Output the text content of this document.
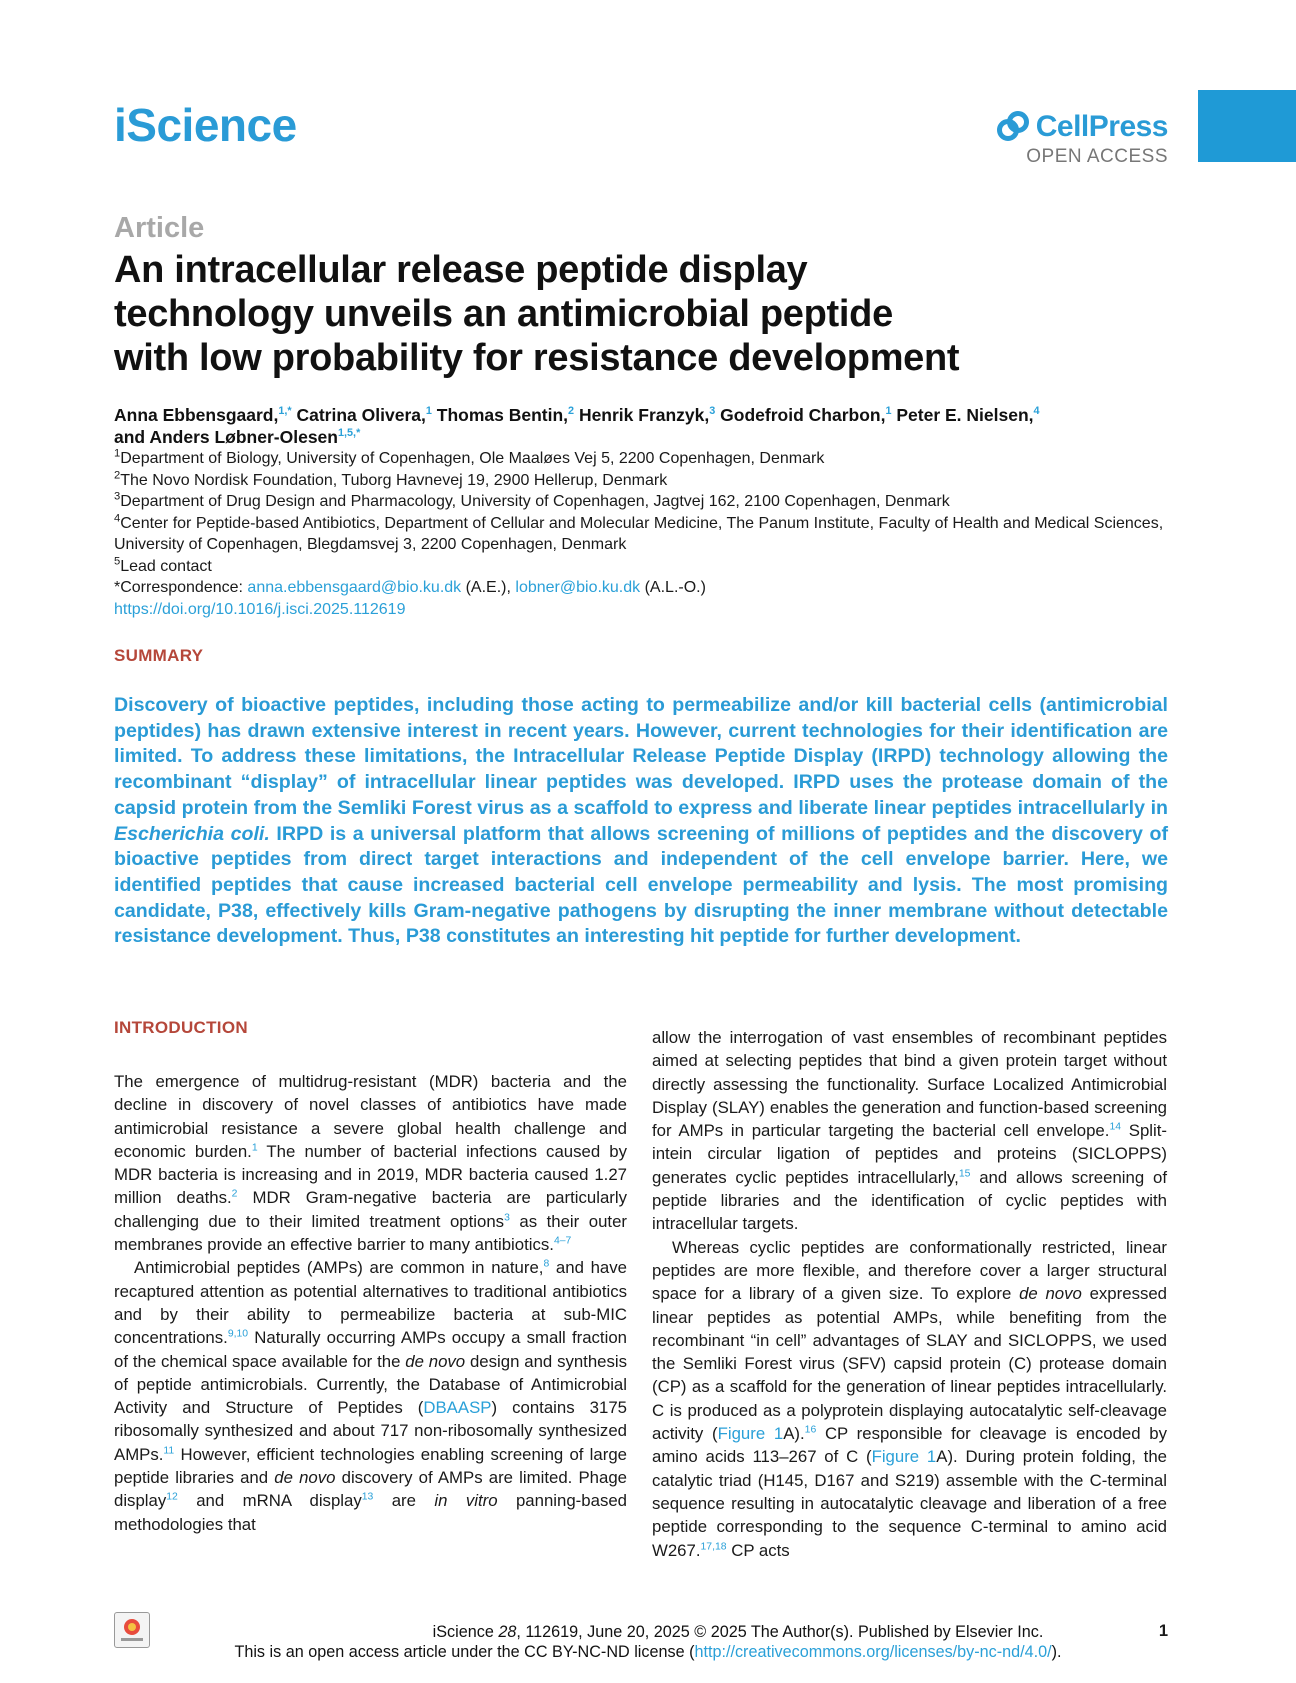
iScience	CellPress
OPEN ACCESS
Article
An intracellular release peptide display
technology unveils an antimicrobial peptide
with low probability for resistance development
Anna Ebbensgaard,$^{1,*}$ Catrina Olivera,$^1$ Thomas Bentin,$^2$ Henrik Franzyk,$^3$ Godefroid Charbon,$^1$ Peter E. Nielsen,$^4$
and Anders Løbner-Olesen$^{1,5,*}$
$^1$Department of Biology, University of Copenhagen, Ole Maaløes Vej 5, 2200 Copenhagen, Denmark
$^2$The Novo Nordisk Foundation, Tuborg Havnevej 19, 2900 Hellerup, Denmark
$^3$Department of Drug Design and Pharmacology, University of Copenhagen, Jagtvej 162, 2100 Copenhagen, Denmark
$^4$Center for Peptide-based Antibiotics, Department of Cellular and Molecular Medicine, The Panum Institute, Faculty of Health and Medical Sciences, University of Copenhagen, Blegdamsvej 3, 2200 Copenhagen, Denmark
$^5$Lead contact
*Correspondence: anna.ebbensgaard@bio.ku.dk (A.E.), lobner@bio.ku.dk (A.L.-O.)
https://doi.org/10.1016/j.isci.2025.112619
SUMMARY
Discovery of bioactive peptides, including those acting to permeabilize and/or kill bacterial cells (antimicrobial peptides) has drawn extensive interest in recent years. However, current technologies for their identification are limited. To address these limitations, the Intracellular Release Peptide Display (IRPD) technology allowing the recombinant “display” of intracellular linear peptides was developed. IRPD uses the protease domain of the capsid protein from the Semliki Forest virus as a scaffold to express and liberate linear peptides intracellularly in Escherichia coli. IRPD is a universal platform that allows screening of millions of peptides and the discovery of bioactive peptides from direct target interactions and independent of the cell envelope barrier. Here, we identified peptides that cause increased bacterial cell envelope permeability and lysis. The most promising candidate, P38, effectively kills Gram-negative pathogens by disrupting the inner membrane without detectable resistance development. Thus, P38 constitutes an interesting hit peptide for further development.
INTRODUCTION

The emergence of multidrug-resistant (MDR) bacteria and the decline in discovery of novel classes of antibiotics have made antimicrobial resistance a severe global health challenge and economic burden.$^1$ The number of bacterial infections caused by MDR bacteria is increasing and in 2019, MDR bacteria caused 1.27 million deaths.$^2$ MDR Gram-negative bacteria are particularly challenging due to their limited treatment options$^3$ as their outer membranes provide an effective barrier to many antibiotics.$^{4-7}$

Antimicrobial peptides (AMPs) are common in nature,$^8$ and have recaptured attention as potential alternatives to traditional antibiotics and by their ability to permeabilize bacteria at sub-MIC concentrations.$^{9,10}$ Naturally occurring AMPs occupy a small fraction of the chemical space available for the de novo design and synthesis of peptide antimicrobials. Currently, the Database of Antimicrobial Activity and Structure of Peptides (DBAASP) contains 3175 ribosomally synthesized and about 717 non-ribosomally synthesized AMPs.$^{11}$ However, efficient technologies enabling screening of large peptide libraries and de novo discovery of AMPs are limited. Phage display$^{12}$ and mRNA display$^{13}$ are in vitro panning-based methodologies that

allow the interrogation of vast ensembles of recombinant peptides aimed at selecting peptides that bind a given protein target without directly assessing the functionality. Surface Localized Antimicrobial Display (SLAY) enables the generation and function-based screening for AMPs in particular targeting the bacterial cell envelope.$^{14}$ Split-intein circular ligation of peptides and proteins (SICLOPPS) generates cyclic peptides intracellularly,$^{15}$ and allows screening of peptide libraries and the identification of cyclic peptides with intracellular targets.

Whereas cyclic peptides are conformationally restricted, linear peptides are more flexible, and therefore cover a larger structural space for a library of a given size. To explore de novo expressed linear peptides as potential AMPs, while benefiting from the recombinant “in cell” advantages of SLAY and SICLOPPS, we used the Semliki Forest virus (SFV) capsid protein (C) protease domain (CP) as a scaffold for the generation of linear peptides intracellularly. C is produced as a polyprotein displaying autocatalytic self-cleavage activity (Figure 1A).$^{16}$ CP responsible for cleavage is encoded by amino acids 113–267 of C (Figure 1A). During protein folding, the catalytic triad (H145, D167 and S219) assemble with the C-terminal sequence resulting in autocatalytic cleavage and liberation of a free peptide corresponding to the sequence C-terminal to amino acid W267.$^{17,18}$ CP acts

iScience 28, 112619, June 20, 2025 © 2025 The Author(s). Published by Elsevier Inc.
This is an open access article under the CC BY-NC-ND license (http://creativecommons.org/licenses/by-nc-nd/4.0/).
1
